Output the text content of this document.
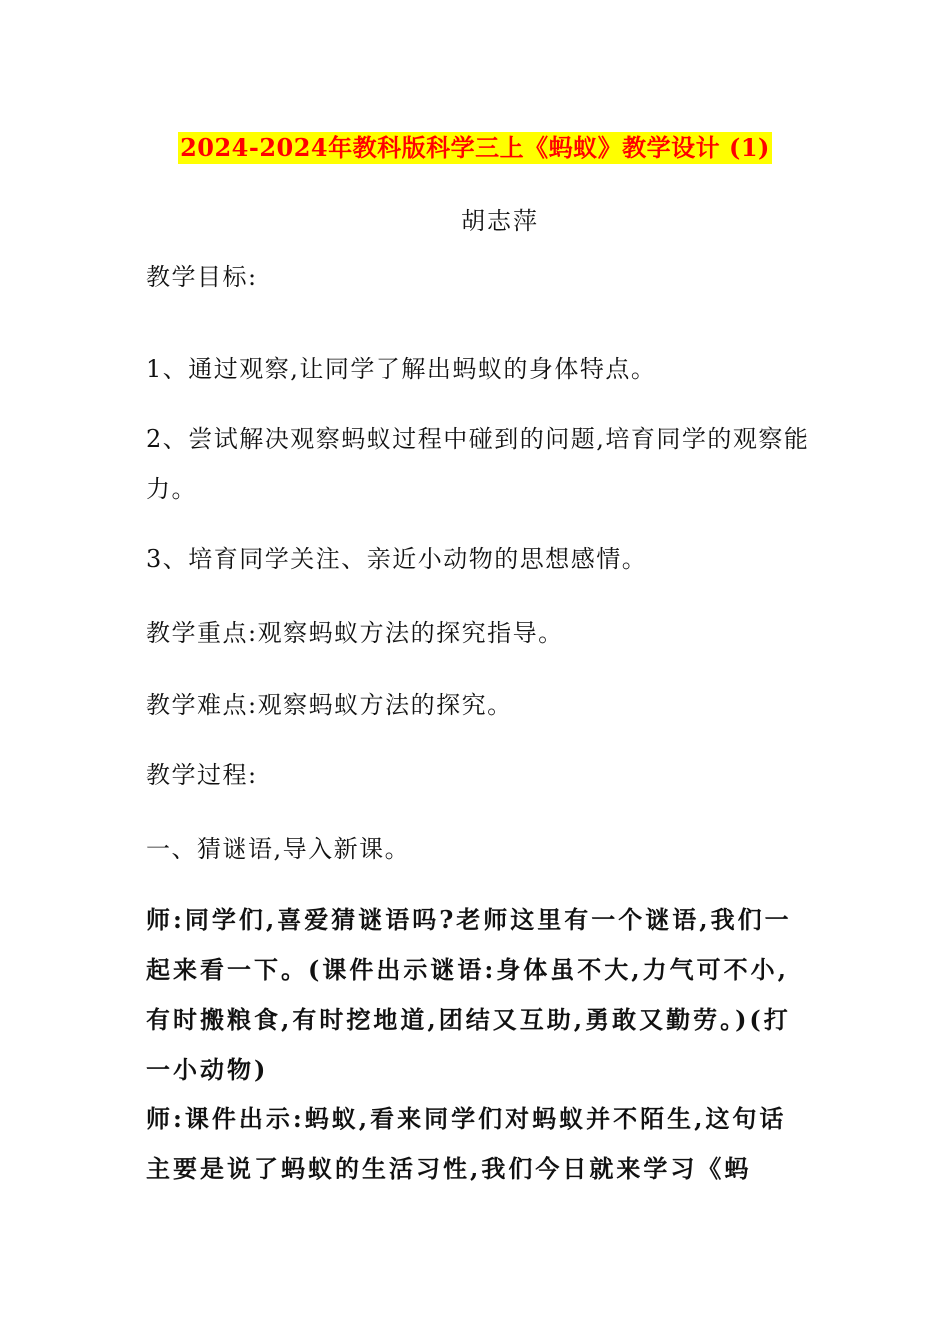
2024-2024年教科版科学三上《蚂蚁》教学设计 (1)
胡志萍

教学目标:

1、通过观察,让同学了解出蚂蚁的身体特点。

2、尝试解决观察蚂蚁过程中碰到的问题,培育同学的观察能力。

3、培育同学关注、亲近小动物的思想感情。

教学重点:观察蚂蚁方法的探究指导。

教学难点:观察蚂蚁方法的探究。

教学过程:

一、猜谜语,导入新课。

师:同学们,喜爱猜谜语吗?老师这里有一个谜语,我们一起来看一下。(课件出示谜语:身体虽不大,力气可不小,有时搬粮食,有时挖地道,团结又互助,勇敢又勤劳。)(打一小动物)

师:课件出示:蚂蚁,看来同学们对蚂蚁并不陌生,这句话主要是说了蚂蚁的生活习性,我们今日就来学习《蚂
